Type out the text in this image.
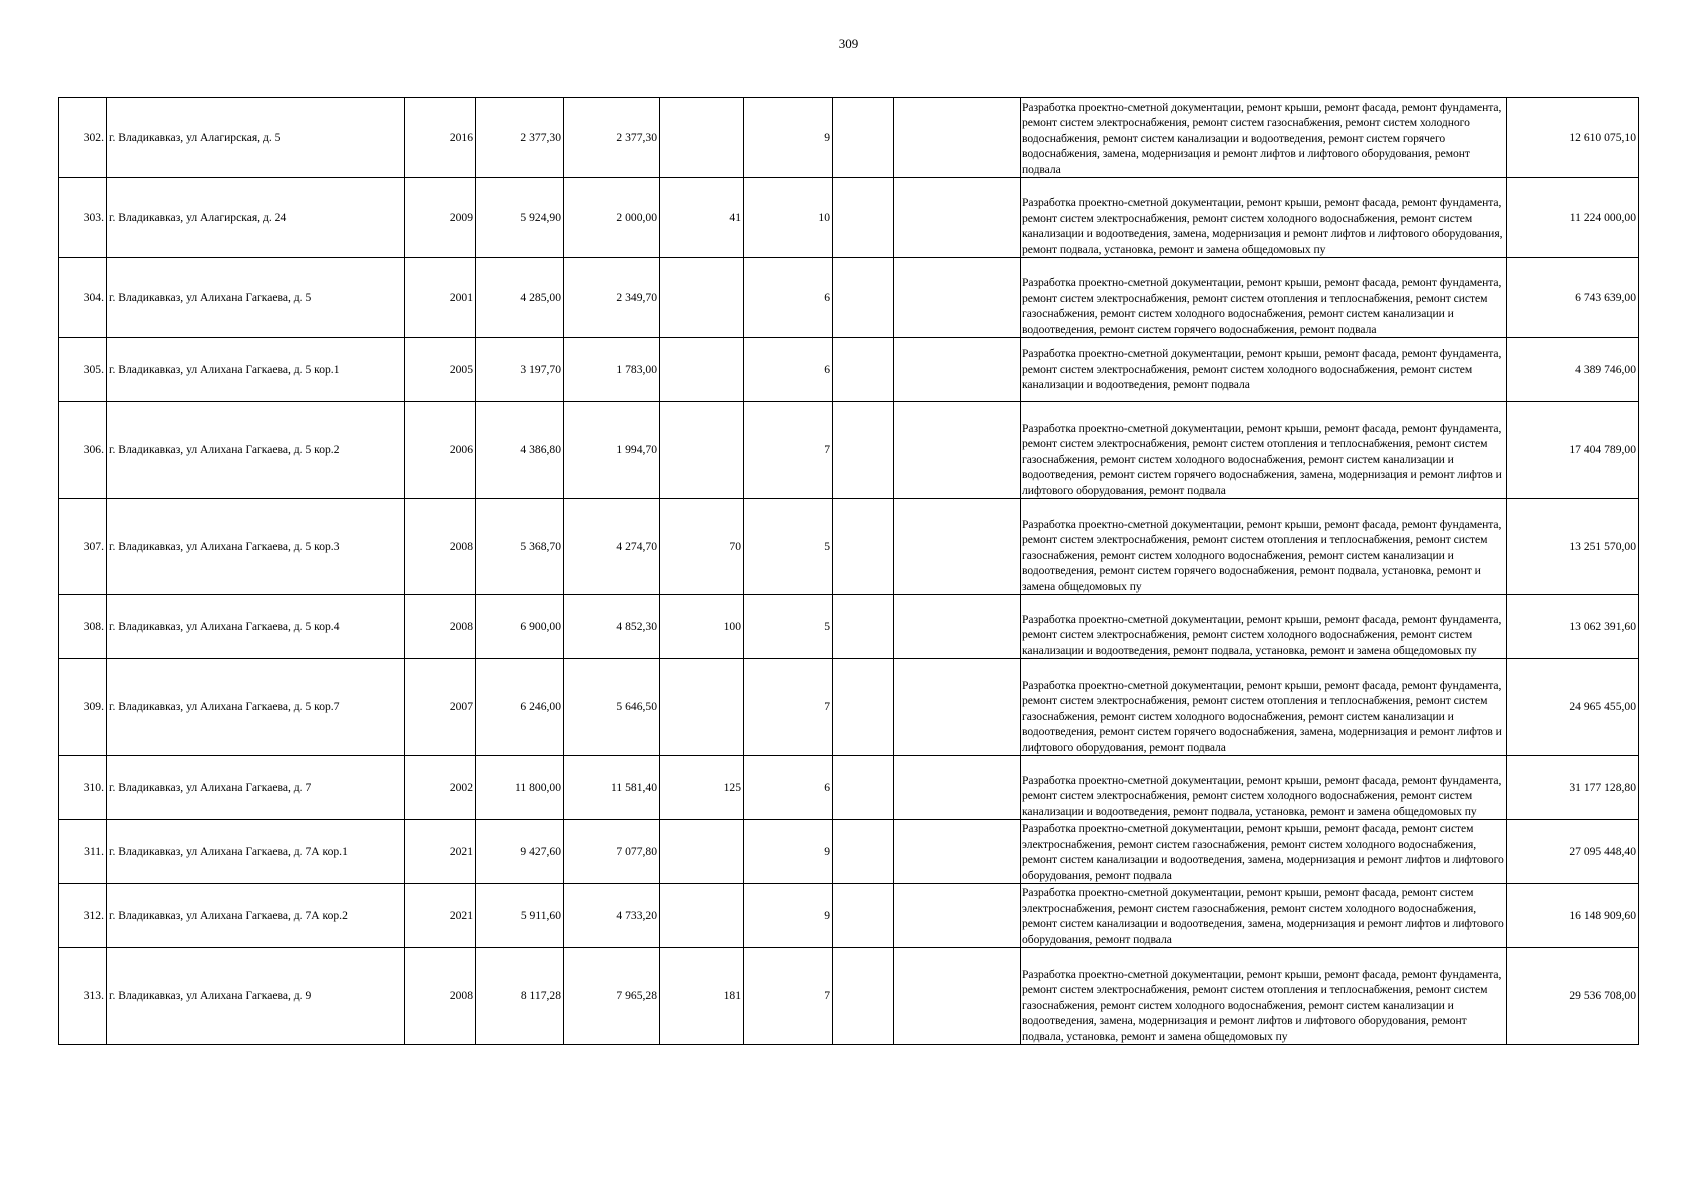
309
302.	г. Владикавказ, ул Алагирская, д. 5	2016	2 377,30	2 377,30		9			Разработка проектно-сметной документации, ремонт крыши, ремонт фасада, ремонт фундамента, ремонт систем электроснабжения, ремонт систем газоснабжения, ремонт систем холодного водоснабжения, ремонт систем канализации и водоотведения, ремонт систем горячего водоснабжения, замена, модернизация и ремонт лифтов и лифтового оборудования, ремонт подвала	12 610 075,10
303.	г. Владикавказ, ул Алагирская, д. 24	2009	5 924,90	2 000,00	41	10			Разработка проектно-сметной документации, ремонт крыши, ремонт фасада, ремонт фундамента, ремонт систем электроснабжения, ремонт систем холодного водоснабжения, ремонт систем канализации и водоотведения, замена, модернизация и ремонт лифтов и лифтового оборудования, ремонт подвала, установка, ремонт и замена общедомовых пу	11 224 000,00
304.	г. Владикавказ, ул Алихана Гагкаева, д. 5	2001	4 285,00	2 349,70		6			Разработка проектно-сметной документации, ремонт крыши, ремонт фасада, ремонт фундамента, ремонт систем электроснабжения, ремонт систем отопления и теплоснабжения, ремонт систем газоснабжения, ремонт систем холодного водоснабжения, ремонт систем канализации и водоотведения, ремонт систем горячего водоснабжения, ремонт подвала	6 743 639,00
305.	г. Владикавказ, ул Алихана Гагкаева, д. 5 кор.1	2005	3 197,70	1 783,00		6			Разработка проектно-сметной документации, ремонт крыши, ремонт фасада, ремонт фундамента, ремонт систем электроснабжения, ремонт систем холодного водоснабжения, ремонт систем канализации и водоотведения, ремонт подвала	4 389 746,00
306.	г. Владикавказ, ул Алихана Гагкаева, д. 5 кор.2	2006	4 386,80	1 994,70		7			Разработка проектно-сметной документации, ремонт крыши, ремонт фасада, ремонт фундамента, ремонт систем электроснабжения, ремонт систем отопления и теплоснабжения, ремонт систем газоснабжения, ремонт систем холодного водоснабжения, ремонт систем канализации и водоотведения, ремонт систем горячего водоснабжения, замена, модернизация и ремонт лифтов и лифтового оборудования, ремонт подвала	17 404 789,00
307.	г. Владикавказ, ул Алихана Гагкаева, д. 5 кор.3	2008	5 368,70	4 274,70	70	5			Разработка проектно-сметной документации, ремонт крыши, ремонт фасада, ремонт фундамента, ремонт систем электроснабжения, ремонт систем отопления и теплоснабжения, ремонт систем газоснабжения, ремонт систем холодного водоснабжения, ремонт систем канализации и водоотведения, ремонт систем горячего водоснабжения, ремонт подвала, установка, ремонт и замена общедомовых пу	13 251 570,00
308.	г. Владикавказ, ул Алихана Гагкаева, д. 5 кор.4	2008	6 900,00	4 852,30	100	5			Разработка проектно-сметной документации, ремонт крыши, ремонт фасада, ремонт фундамента, ремонт систем электроснабжения, ремонт систем холодного водоснабжения, ремонт систем канализации и водоотведения, ремонт подвала, установка, ремонт и замена общедомовых пу	13 062 391,60
309.	г. Владикавказ, ул Алихана Гагкаева, д. 5 кор.7	2007	6 246,00	5 646,50		7			Разработка проектно-сметной документации, ремонт крыши, ремонт фасада, ремонт фундамента, ремонт систем электроснабжения, ремонт систем отопления и теплоснабжения, ремонт систем газоснабжения, ремонт систем холодного водоснабжения, ремонт систем канализации и водоотведения, ремонт систем горячего водоснабжения, замена, модернизация и ремонт лифтов и лифтового оборудования, ремонт подвала	24 965 455,00
310.	г. Владикавказ, ул Алихана Гагкаева, д. 7	2002	11 800,00	11 581,40	125	6			Разработка проектно-сметной документации, ремонт крыши, ремонт фасада, ремонт фундамента, ремонт систем электроснабжения, ремонт систем холодного водоснабжения, ремонт систем канализации и водоотведения, ремонт подвала, установка, ремонт и замена общедомовых пу	31 177 128,80
311.	г. Владикавказ, ул Алихана Гагкаева, д. 7А кор.1	2021	9 427,60	7 077,80		9			Разработка проектно-сметной документации, ремонт крыши, ремонт фасада, ремонт систем электроснабжения, ремонт систем газоснабжения, ремонт систем холодного водоснабжения, ремонт систем канализации и водоотведения, замена, модернизация и ремонт лифтов и лифтового оборудования, ремонт подвала	27 095 448,40
312.	г. Владикавказ, ул Алихана Гагкаева, д. 7А кор.2	2021	5 911,60	4 733,20		9			Разработка проектно-сметной документации, ремонт крыши, ремонт фасада, ремонт систем электроснабжения, ремонт систем газоснабжения, ремонт систем холодного водоснабжения, ремонт систем канализации и водоотведения, замена, модернизация и ремонт лифтов и лифтового оборудования, ремонт подвала	16 148 909,60
313.	г. Владикавказ, ул Алихана Гагкаева, д. 9	2008	8 117,28	7 965,28	181	7			Разработка проектно-сметной документации, ремонт крыши, ремонт фасада, ремонт фундамента, ремонт систем электроснабжения, ремонт систем отопления и теплоснабжения, ремонт систем газоснабжения, ремонт систем холодного водоснабжения, ремонт систем канализации и водоотведения, замена, модернизация и ремонт лифтов и лифтового оборудования, ремонт подвала, установка, ремонт и замена общедомовых пу	29 536 708,00
